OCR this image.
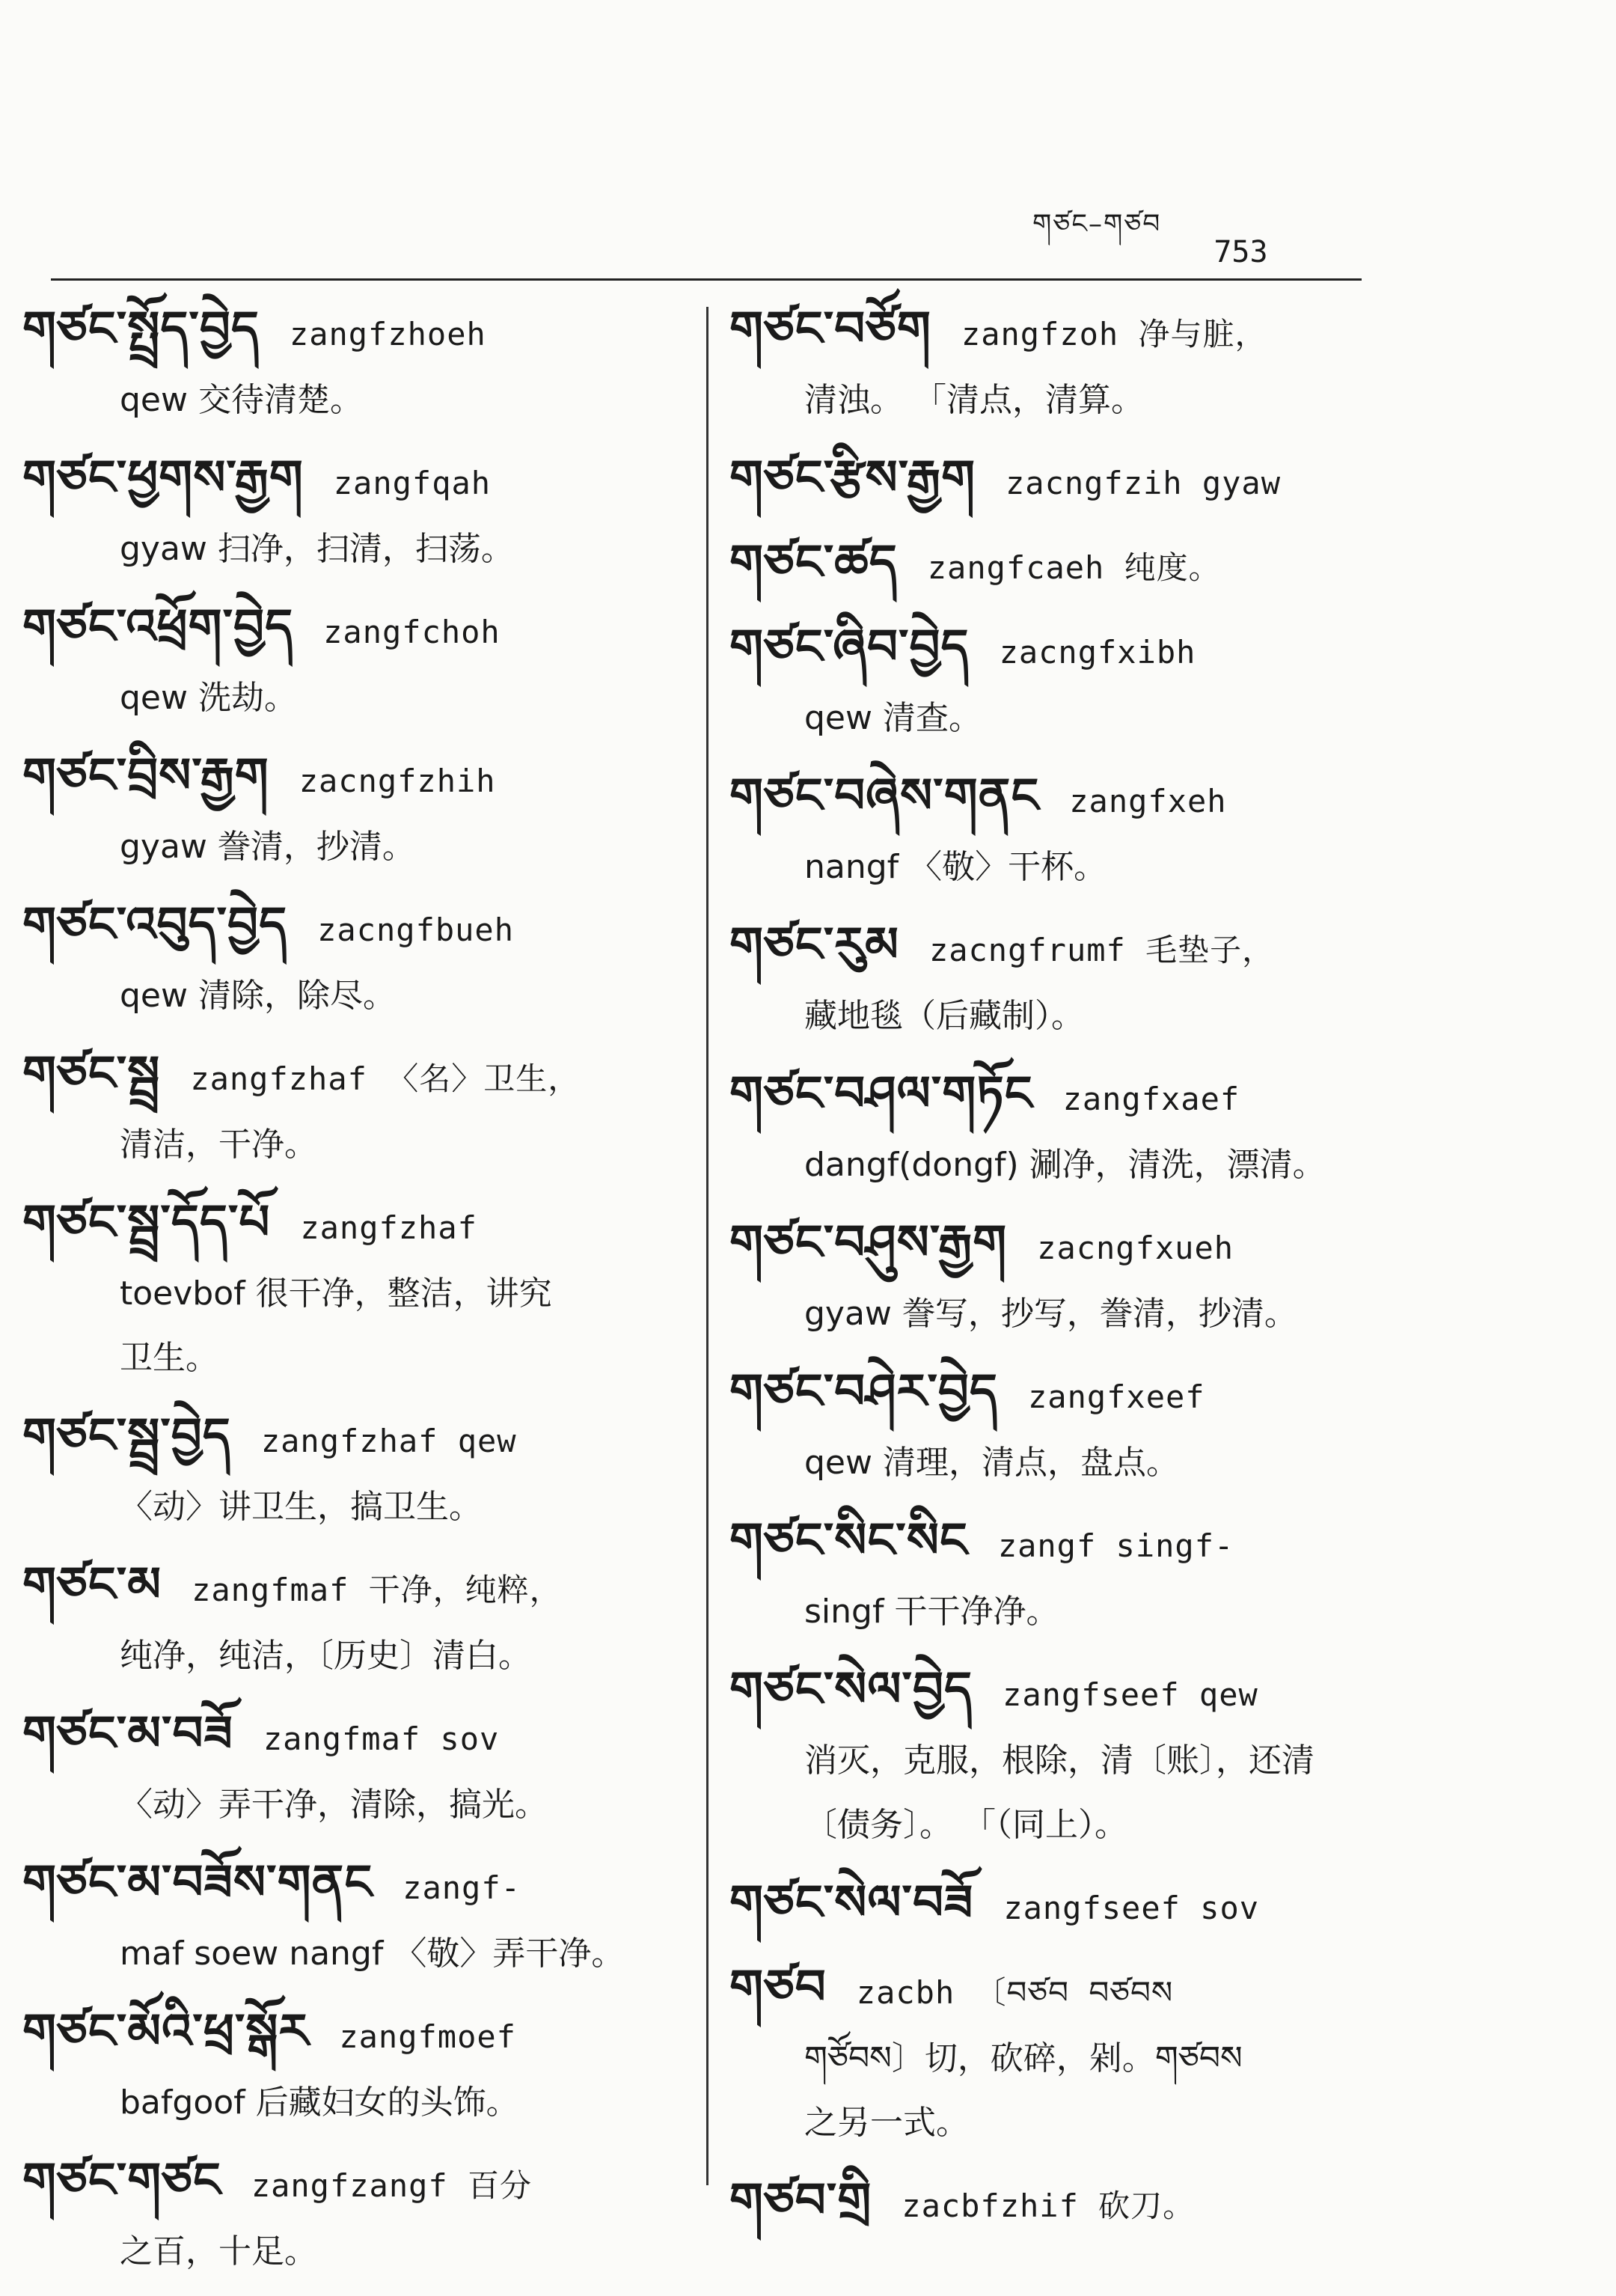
གཙང–གཙབ
753

གཙང་སྤྲོད་བྱེད zangfzhoeh

qew 交待清楚。

གཙང་ཕྱགས་རྒྱག zangfqah

gyaw 扫净，扫清，扫荡。

གཙང་འཕྲོག་བྱེད zangfchoh

qew 洗劫。

གཙང་བྲིས་རྒྱག zacngfzhih

gyaw 誊清，抄清。

གཙང་འབུད་བྱེད zacngfbueh

qew 清除，除尽。

གཙང་སྦྲ zangfzhaf 〈名〉卫生，

清洁，干净。

གཙང་སྦྲ་དོད་པོ zangfzhaf

toevbof 很干净，整洁，讲究

卫生。

གཙང་སྦྲ་བྱེད zangfzhaf qew

〈动〉讲卫生，搞卫生。

གཙང་མ zangfmaf 干净，纯粹，

纯净，纯洁，〔历史〕清白。

གཙང་མ་བཟོ zangfmaf sov

〈动〉弄干净，清除，搞光。

གཙང་མ་བཟོས་གནང zangf-

maf soew nangf 〈敬〉弄干净。

གཙང་མོའི་ཕྲ་སྒོར zangfmoef

bafgoof 后藏妇女的头饰。

གཙང་གཙང zangfzangf 百分

之百，十足。

གཙང་བཙོག zangfzoh 净与脏，

清浊。 「清点，清算。

གཙང་རྩིས་རྒྱག zacngfzih gyaw

གཙང་ཚད zangfcaeh 纯度。

གཙང་ཞིབ་བྱེད zacngfxibh

qew 清查。

གཙང་བཞེས་གནང zangfxeh

nangf 〈敬〉干杯。

གཙང་རུམ zacngfrumf 毛垫子，

藏地毯（后藏制）。

གཙང་བཤལ་གཏོང zangfxaef

dangf(dongf) 涮净，清洗，漂清。

གཙང་བཤུས་རྒྱག zacngfxueh

gyaw 誊写，抄写，誊清，抄清。

གཙང་བཤེར་བྱེད zangfxeef

qew 清理，清点，盘点。

གཙང་སིང་སིང zangf singf-

singf 干干净净。

གཙང་སེལ་བྱེད zangfseef qew

消灭，克服，根除，清〔账〕，还清

〔债务〕。 「（同上）。

གཙང་སེལ་བཟོ zangfseef sov

གཙབ zacbh 〔བཙབ བཙབས

གཙོབས〕切，砍碎，剁。གཙབས

之另一式。

གཙབ་གྲི zacbfzhif 砍刀。
